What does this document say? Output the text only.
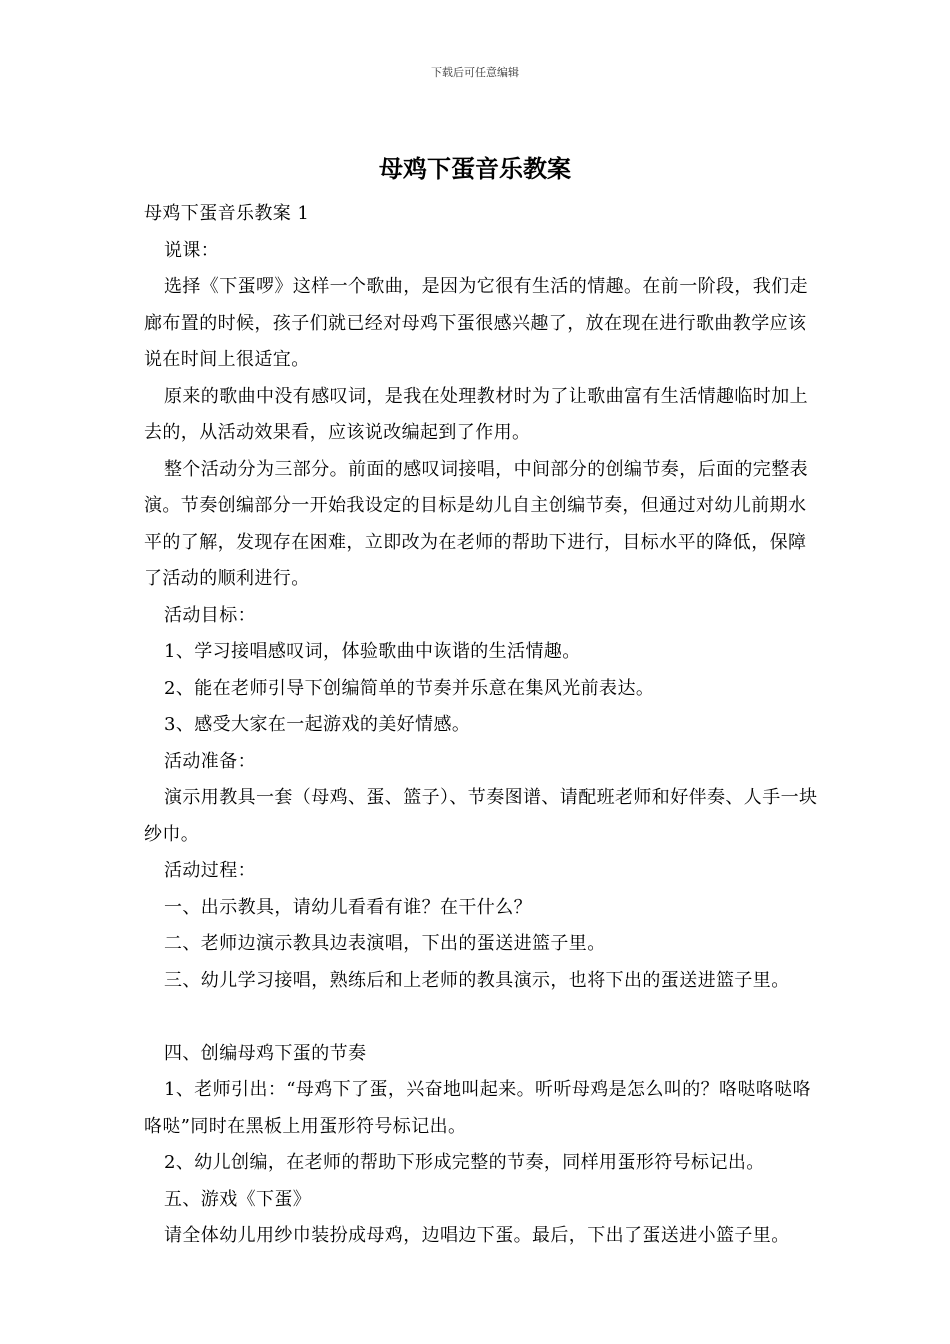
下载后可任意编辑
母鸡下蛋音乐教案

母鸡下蛋音乐教案 1

说课：

选择《下蛋啰》这样一个歌曲，是因为它很有生活的情趣。在前一阶段，我们走廊布置的时候，孩子们就已经对母鸡下蛋很感兴趣了，放在现在进行歌曲教学应该说在时间上很适宜。

原来的歌曲中没有感叹词，是我在处理教材时为了让歌曲富有生活情趣临时加上去的，从活动效果看，应该说改编起到了作用。

整个活动分为三部分。前面的感叹词接唱，中间部分的创编节奏，后面的完整表演。节奏创编部分一开始我设定的目标是幼儿自主创编节奏，但通过对幼儿前期水平的了解，发现存在困难，立即改为在老师的帮助下进行，目标水平的降低，保障了活动的顺利进行。

活动目标：

1、学习接唱感叹词，体验歌曲中诙谐的生活情趣。

2、能在老师引导下创编简单的节奏并乐意在集风光前表达。

3、感受大家在一起游戏的美好情感。

活动准备：

演示用教具一套（母鸡、蛋、篮子）、节奏图谱、请配班老师和好伴奏、人手一块纱巾。

活动过程：

一、出示教具，请幼儿看看有谁？在干什么？

二、老师边演示教具边表演唱，下出的蛋送进篮子里。

三、幼儿学习接唱，熟练后和上老师的教具演示，也将下出的蛋送进篮子里。

四、创编母鸡下蛋的节奏

1、老师引出：“母鸡下了蛋，兴奋地叫起来。听听母鸡是怎么叫的？咯哒咯哒咯咯哒”同时在黑板上用蛋形符号标记出。

2、幼儿创编，在老师的帮助下形成完整的节奏，同样用蛋形符号标记出。

五、游戏《下蛋》

请全体幼儿用纱巾装扮成母鸡，边唱边下蛋。最后，下出了蛋送进小篮子里。
